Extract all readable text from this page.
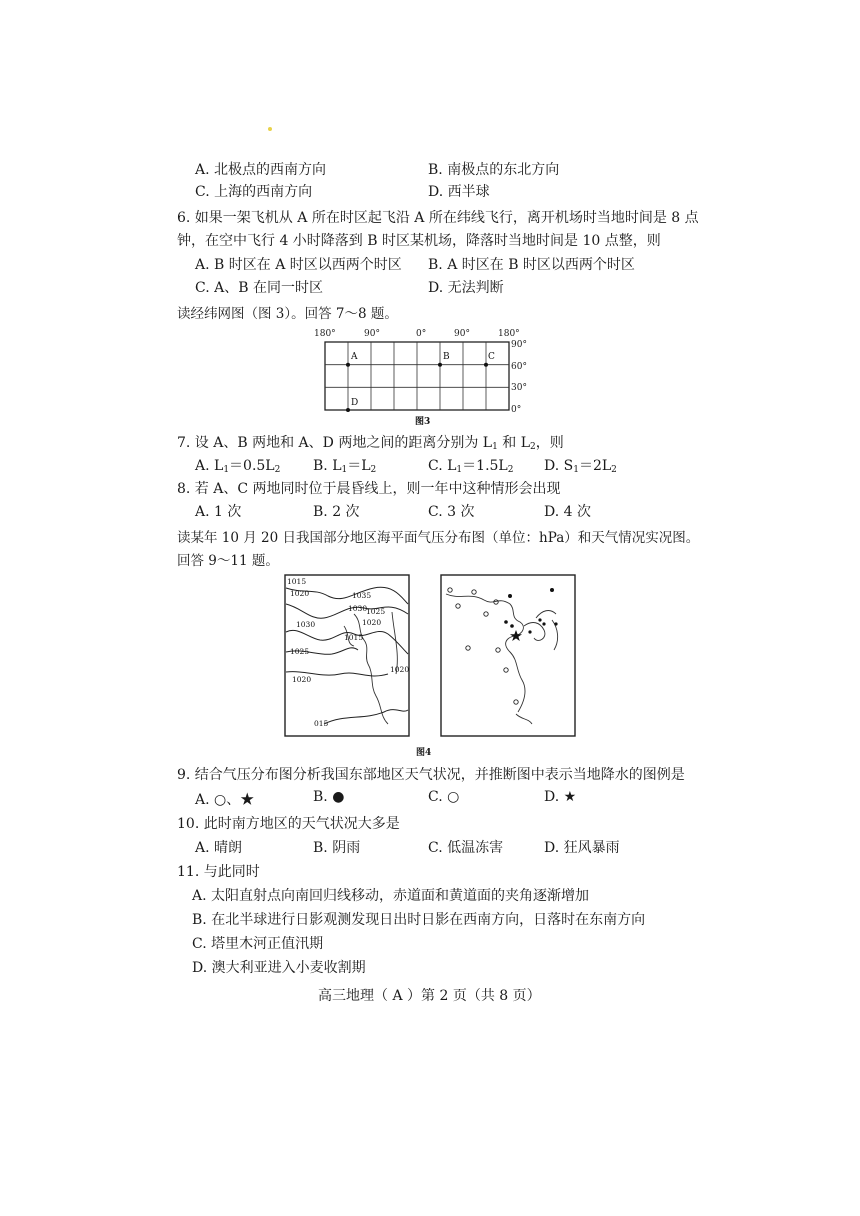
A. 北极点的西南方向	B. 南极点的东北方向
C. 上海的西南方向	D. 西半球
6. 如果一架飞机从 A 所在时区起飞沿 A 所在纬线飞行，离开机场时当地时间是 8 点
钟，在空中飞行 4 小时降落到 B 时区某机场，降落时当地时间是 10 点整，则
A. B 时区在 A 时区以西两个时区 B. A 时区在 B 时区以西两个时区
C. A、B 在同一时区	D. 无法判断
读经纬网图（图 3）。回答 7～8 题。
180°	90°	0°	90°	180°
90°
60°
30°
0°
A	B	C
D
图3
7. 设 A、B 两地和 A、D 两地之间的距离分别为 $L_1$ 和 $L_2$，则
A. $L_1=0.5L_2$ B. $L_1=L_2$	C. $L_1=1.5L_2$ D. $S_1=2L_2$
8. 若 A、C 两地同时位于晨昏线上，则一年中这种情形会出现
A. 1 次	B. 2 次	C. 3 次	D. 4 次
读某年 10 月 20 日我国部分地区海平面气压分布图（单位：hPa）和天气情况实况图。
回答 9～11 题。
1015
1020	1035
1030
1025
1030	1020
1015
1025
1020
1020
015
图4
9. 结合气压分布图分析我国东部地区天气状况，并推断图中表示当地降水的图例是
A. ○、★	B. ●	C. ○	D. ★
10. 此时南方地区的天气状况大多是
A. 晴朗	B. 阴雨	C. 低温冻害	D. 狂风暴雨
11. 与此同时
A. 太阳直射点向南回归线移动，赤道面和黄道面的夹角逐渐增加
B. 在北半球进行日影观测发现日出时日影在西南方向，日落时在东南方向
C. 塔里木河正值汛期
D. 澳大利亚进入小麦收割期
高三地理（ A ）第 2 页（共 8 页）
